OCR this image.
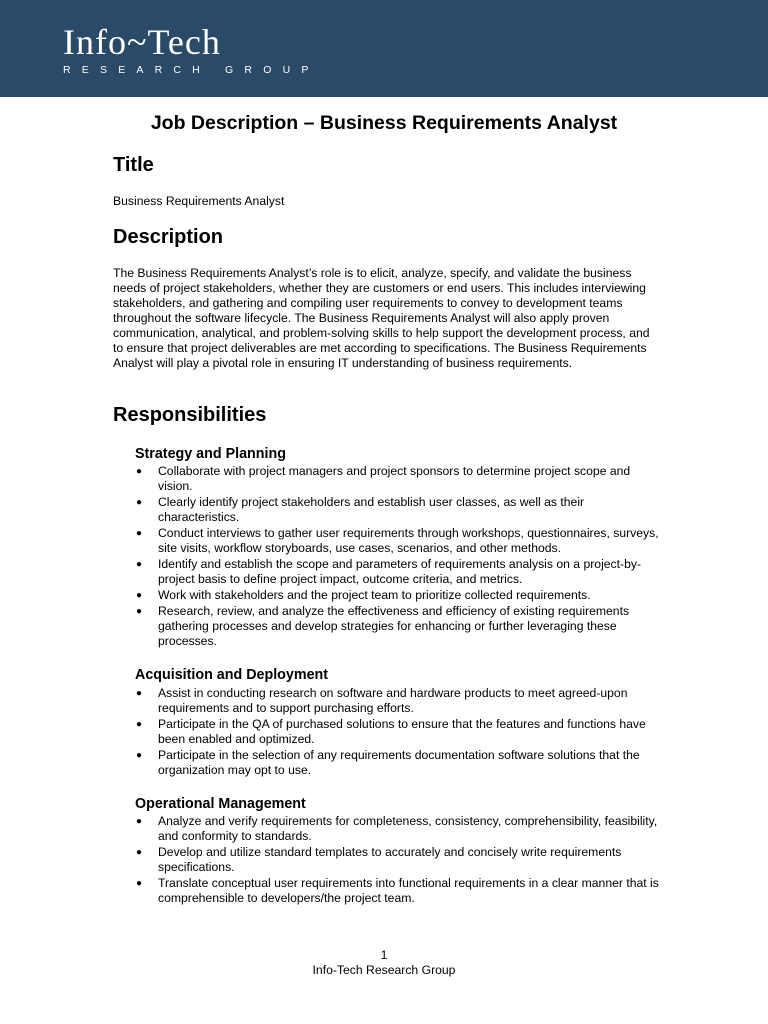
Info~Tech
RESEARCH GROUP
Job Description – Business Requirements Analyst
Title
Business Requirements Analyst
Description
The Business Requirements Analyst’s role is to elicit, analyze, specify, and validate the business needs of project stakeholders, whether they are customers or end users. This includes interviewing stakeholders, and gathering and compiling user requirements to convey to development teams throughout the software lifecycle. The Business Requirements Analyst will also apply proven communication, analytical, and problem-solving skills to help support the development process, and to ensure that project deliverables are met according to specifications. The Business Requirements Analyst will play a pivotal role in ensuring IT understanding of business requirements.
Responsibilities
Strategy and Planning
● Collaborate with project managers and project sponsors to determine project scope and vision.
● Clearly identify project stakeholders and establish user classes, as well as their characteristics.
● Conduct interviews to gather user requirements through workshops, questionnaires, surveys, site visits, workflow storyboards, use cases, scenarios, and other methods.
● Identify and establish the scope and parameters of requirements analysis on a project-by-project basis to define project impact, outcome criteria, and metrics.
● Work with stakeholders and the project team to prioritize collected requirements.
● Research, review, and analyze the effectiveness and efficiency of existing requirements gathering processes and develop strategies for enhancing or further leveraging these processes.
Acquisition and Deployment
● Assist in conducting research on software and hardware products to meet agreed-upon requirements and to support purchasing efforts.
● Participate in the QA of purchased solutions to ensure that the features and functions have been enabled and optimized.
● Participate in the selection of any requirements documentation software solutions that the organization may opt to use.
Operational Management
● Analyze and verify requirements for completeness, consistency, comprehensibility, feasibility, and conformity to standards.
● Develop and utilize standard templates to accurately and concisely write requirements specifications.
● Translate conceptual user requirements into functional requirements in a clear manner that is comprehensible to developers/the project team.
1
Info-Tech Research Group
